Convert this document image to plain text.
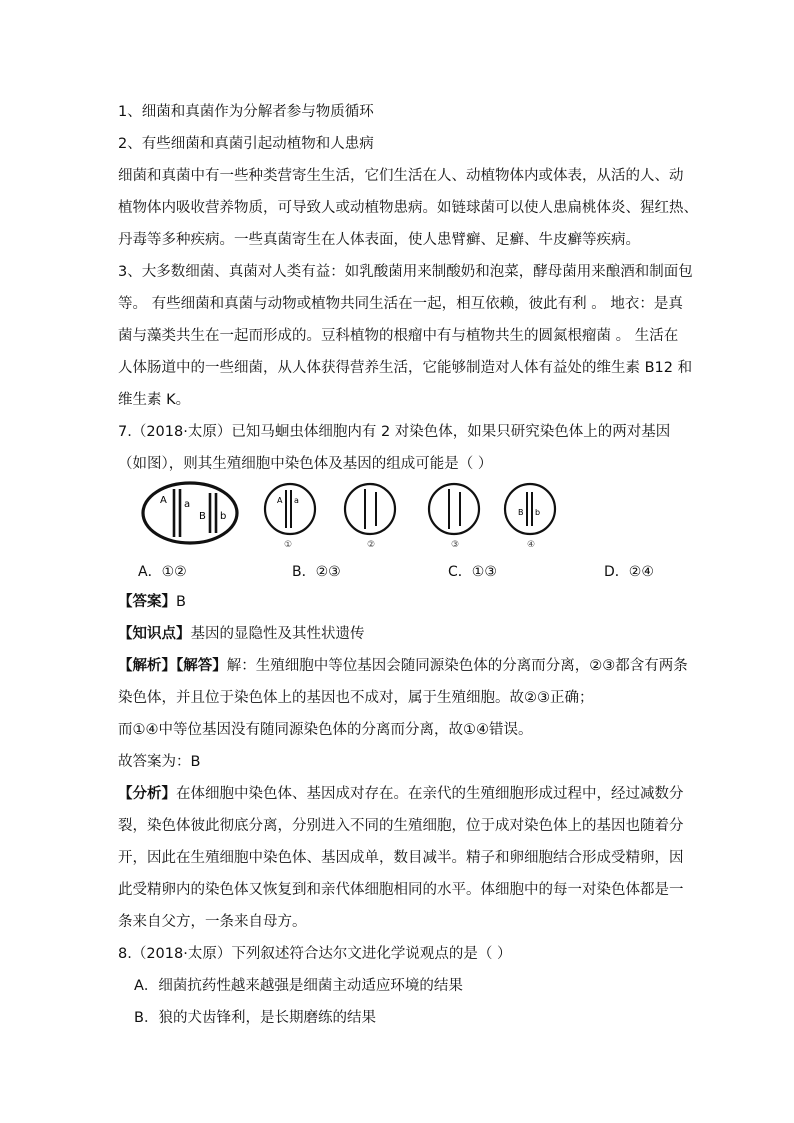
1、细菌和真菌作为分解者参与物质循环
2、有些细菌和真菌引起动植物和人患病
细菌和真菌中有一些种类营寄生生活，它们生活在人、动植物体内或体表，从活的人、动
植物体内吸收营养物质，可导致人或动植物患病。如链球菌可以使人患扁桃体炎、猩红热、
丹毒等多种疾病。一些真菌寄生在人体表面，使人患臂癣、足癣、牛皮癣等疾病。
3、大多数细菌、真菌对人类有益：如乳酸菌用来制酸奶和泡菜，酵母菌用来酿酒和制面包
等。 有些细菌和真菌与动物或植物共同生活在一起，相互依赖，彼此有利 。 地衣：是真
菌与藻类共生在一起而形成的。豆科植物的根瘤中有与植物共生的圆氮根瘤菌 。 生活在
人体肠道中的一些细菌，从人体获得营养生活，它能够制造对人体有益处的维生素 B12 和
维生素 K。
7.（2018·太原）已知马蛔虫体细胞内有 2 对染色体，如果只研究染色体上的两对基因
（如图），则其生殖细胞中染色体及基因的组成可能是（ ）
A a
B b
A a
①	②	③
B b
④
A．①②	B．②③	C．①③	D．②④
【答案】B
【知识点】基因的显隐性及其性状遗传
【解析】【解答】解：生殖细胞中等位基因会随同源染色体的分离而分离，②③都含有两条
染色体，并且位于染色体上的基因也不成对，属于生殖细胞。故②③正确；
而①④中等位基因没有随同源染色体的分离而分离，故①④错误。
故答案为：B
【分析】在体细胞中染色体、基因成对存在。在亲代的生殖细胞形成过程中，经过减数分
裂，染色体彼此彻底分离，分别进入不同的生殖细胞，位于成对染色体上的基因也随着分
开，因此在生殖细胞中染色体、基因成单，数目减半。精子和卵细胞结合形成受精卵，因
此受精卵内的染色体又恢复到和亲代体细胞相同的水平。体细胞中的每一对染色体都是一
条来自父方，一条来自母方。
8.（2018·太原）下列叙述符合达尔文进化学说观点的是（ ）
A．细菌抗药性越来越强是细菌主动适应环境的结果
B．狼的犬齿锋利，是长期磨练的结果
